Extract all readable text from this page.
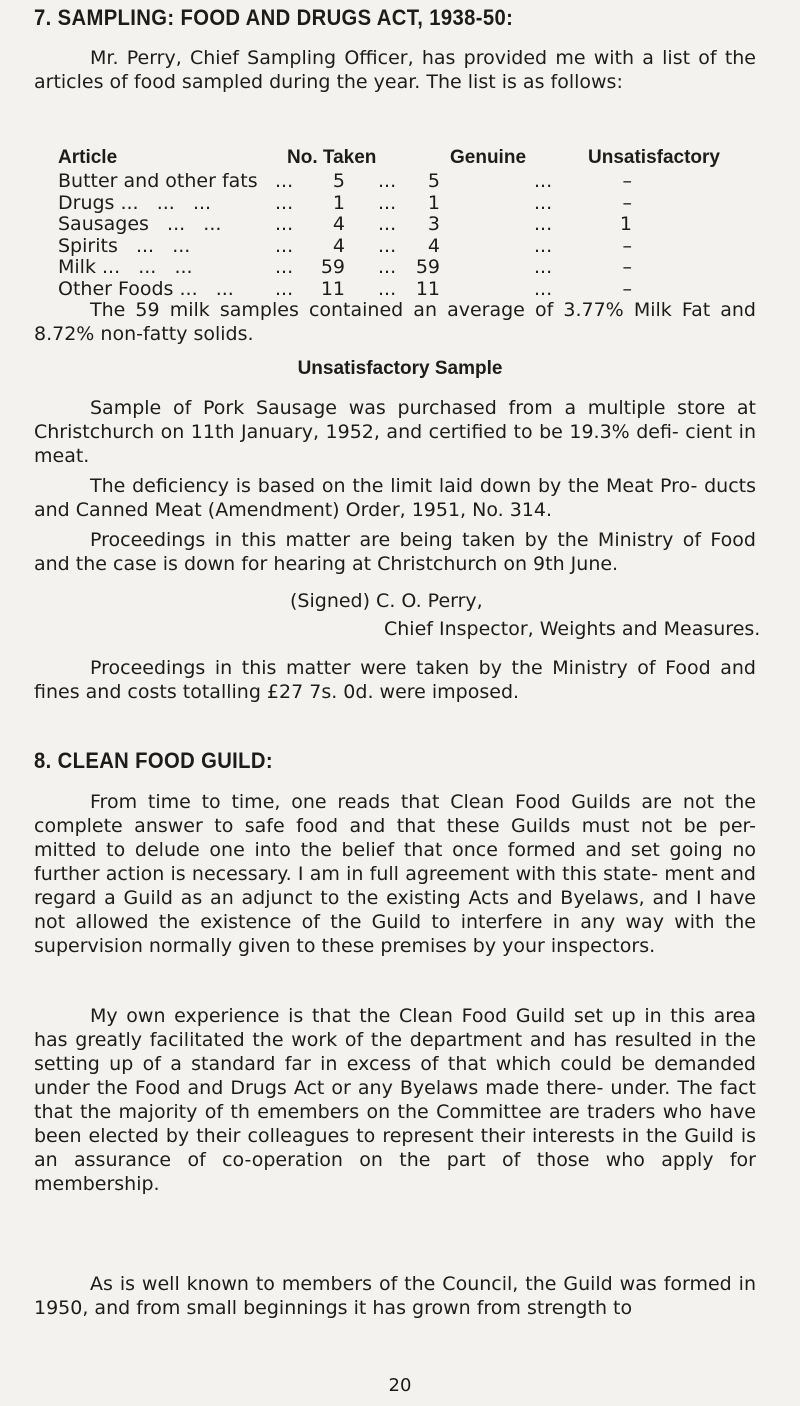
7. SAMPLING: FOOD AND DRUGS ACT, 1938-50:

Mr. Perry, Chief Sampling Officer, has provided me with a list of the articles of food sampled during the year. The list is as follows:

Article	No. Taken	Genuine	Unsatisfactory
Butter and other fats ...	5 ...	5	...	–
Drugs ...   ...   ...	...	1 ...	1	...	–
Sausages   ...   ...	...	4 ...	3	...	1
Spirits   ...   ...	...	4 ...	4	...	–
Milk ...   ...   ...	...	59 ...	59	...	–
Other Foods ...   ... ...	11 ...	11	...	–

The 59 milk samples contained an average of 3.77% Milk Fat and 8.72% non-fatty solids.

Unsatisfactory Sample

Sample of Pork Sausage was purchased from a multiple store at Christchurch on 11th January, 1952, and certified to be 19.3% defi- cient in meat.

The deficiency is based on the limit laid down by the Meat Pro- ducts and Canned Meat (Amendment) Order, 1951, No. 314.

Proceedings in this matter are being taken by the Ministry of Food and the case is down for hearing at Christchurch on 9th June.

(Signed) C. O. Perry,
Chief Inspector, Weights and Measures.

Proceedings in this matter were taken by the Ministry of Food and fines and costs totalling £27 7s. 0d. were imposed.

8. CLEAN FOOD GUILD:

From time to time, one reads that Clean Food Guilds are not the complete answer to safe food and that these Guilds must not be per- mitted to delude one into the belief that once formed and set going no further action is necessary. I am in full agreement with this state- ment and regard a Guild as an adjunct to the existing Acts and Byelaws, and I have not allowed the existence of the Guild to interfere in any way with the supervision normally given to these premises by your inspectors.

My own experience is that the Clean Food Guild set up in this area has greatly facilitated the work of the department and has resulted in the setting up of a standard far in excess of that which could be demanded under the Food and Drugs Act or any Byelaws made there- under. The fact that the majority of th emembers on the Committee are traders who have been elected by their colleagues to represent their interests in the Guild is an assurance of co-operation on the part of those who apply for membership.

As is well known to members of the Council, the Guild was formed in 1950, and from small beginnings it has grown from strength to

20
